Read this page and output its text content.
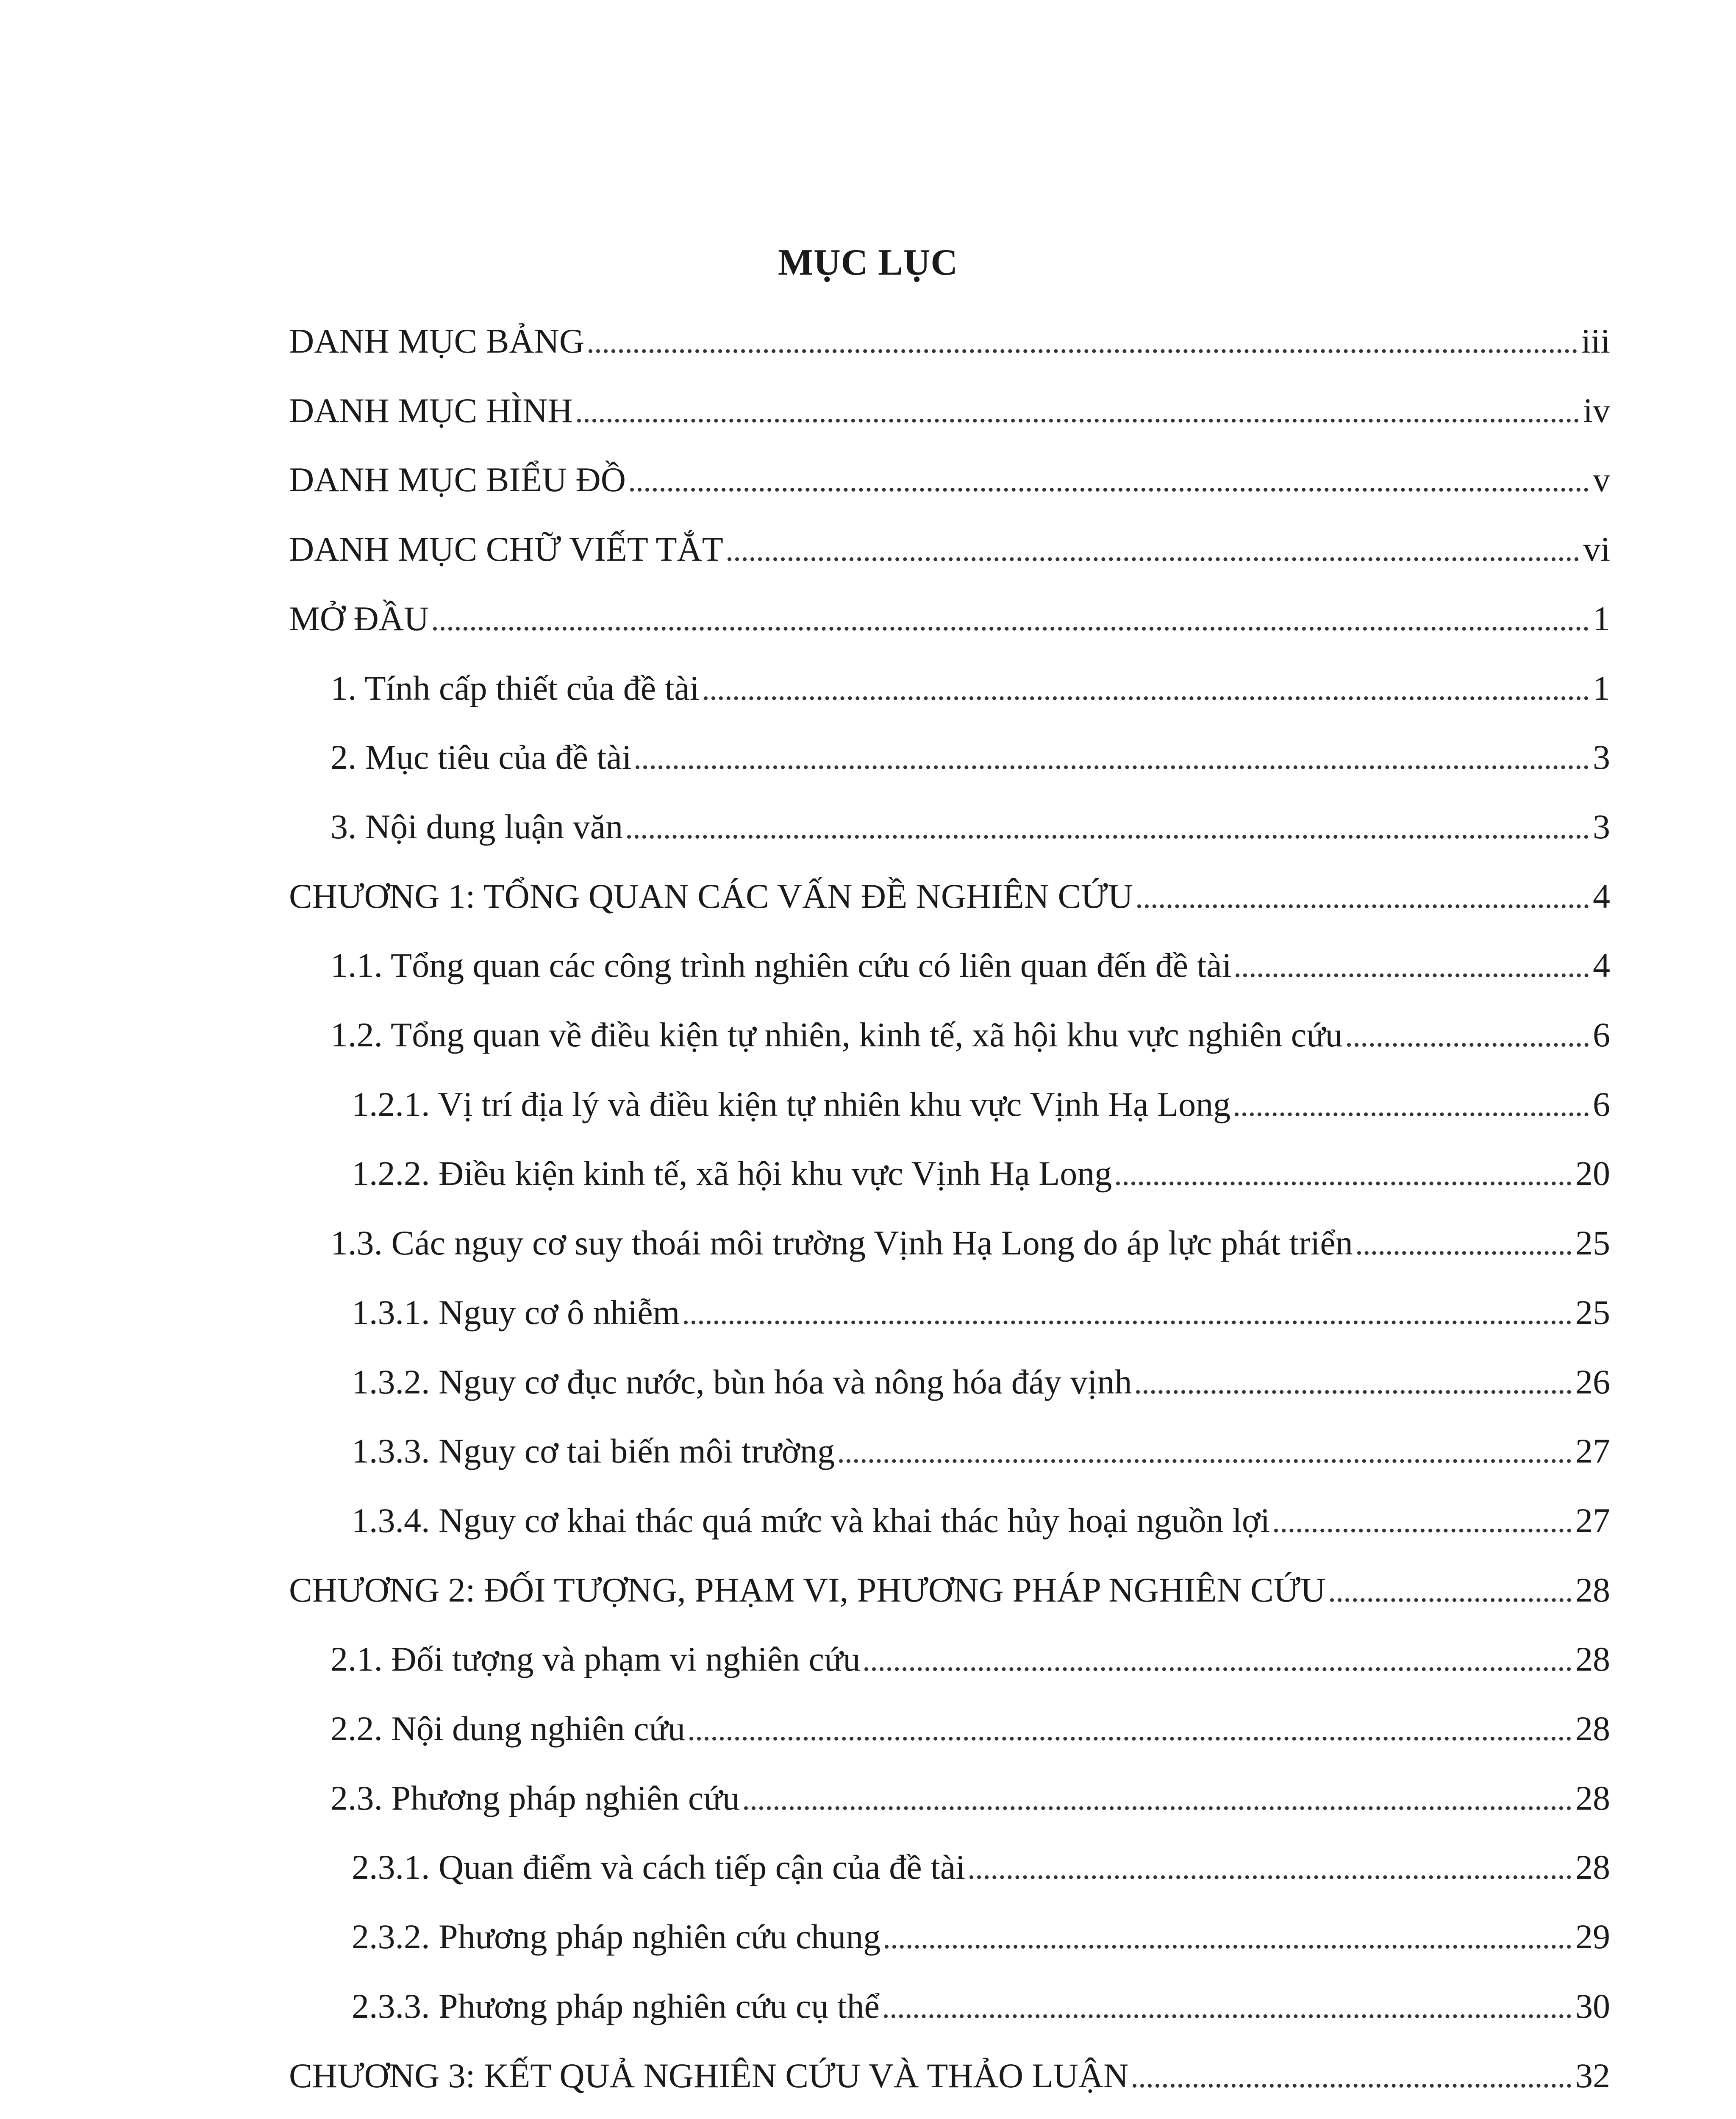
MỤC LỤC
DANH MỤC BẢNG	iii
DANH MỤC HÌNH	iv
DANH MỤC BIỂU ĐỒ	v
DANH MỤC CHỮ VIẾT TẮT	vi
MỞ ĐẦU	1
1. Tính cấp thiết của đề tài	1
2. Mục tiêu của đề tài	3
3. Nội dung luận văn	3
CHƯƠNG 1: TỔNG QUAN CÁC VẤN ĐỀ NGHIÊN CỨU	4
1.1. Tổng quan các công trình nghiên cứu có liên quan đến đề tài	4
1.2. Tổng quan về điều kiện tự nhiên, kinh tế, xã hội khu vực nghiên cứu	6
1.2.1. Vị trí địa lý và điều kiện tự nhiên khu vực Vịnh Hạ Long	6
1.2.2. Điều kiện kinh tế, xã hội khu vực Vịnh Hạ Long	20
1.3. Các nguy cơ suy thoái môi trường Vịnh Hạ Long do áp lực phát triển	25
1.3.1. Nguy cơ ô nhiễm	25
1.3.2. Nguy cơ đục nước, bùn hóa và nông hóa đáy vịnh	26
1.3.3. Nguy cơ tai biến môi trường	27
1.3.4. Nguy cơ khai thác quá mức và khai thác hủy hoại nguồn lợi	27
CHƯƠNG 2: ĐỐI TƯỢNG, PHẠM VI, PHƯƠNG PHÁP NGHIÊN CỨU	28
2.1. Đối tượng và phạm vi nghiên cứu	28
2.2. Nội dung nghiên cứu	28
2.3. Phương pháp nghiên cứu	28
2.3.1. Quan điểm và cách tiếp cận của đề tài	28
2.3.2. Phương pháp nghiên cứu chung	29
2.3.3. Phương pháp nghiên cứu cụ thể	30
CHƯƠNG 3: KẾT QUẢ NGHIÊN CỨU VÀ THẢO LUẬN	32
